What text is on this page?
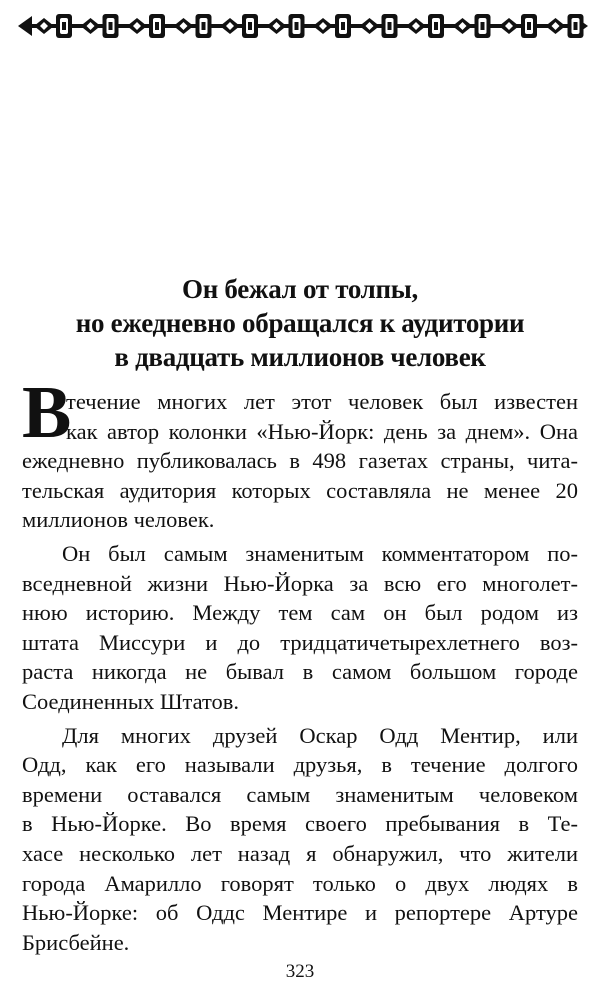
Он бежал от толпы,
но ежедневно обращался к аудитории
в двадцать миллионов человек

В
течение многих лет этот человек был известен
как автор колонки «Нью-Йорк: день за днем». Она
ежедневно публиковалась в 498 газетах страны, чита-
тельская аудитория которых составляла не менее 20
миллионов человек.

Он был самым знаменитым комментатором по-
вседневной жизни Нью-Йорка за всю его многолет-
нюю историю. Между тем сам он был родом из
штата Миссури и до тридцатичетырехлетнего воз-
раста никогда не бывал в самом большом городе
Соединенных Штатов.

Для многих друзей Оскар Одд Ментир, или
Одд, как его называли друзья, в течение долгого
времени оставался самым знаменитым человеком
в Нью-Йорке. Во время своего пребывания в Те-
хасе несколько лет назад я обнаружил, что жители
города Амарилло говорят только о двух людях в
Нью-Йорке: об Оддс Ментире и репортере Артуре
Брисбейне.

323
